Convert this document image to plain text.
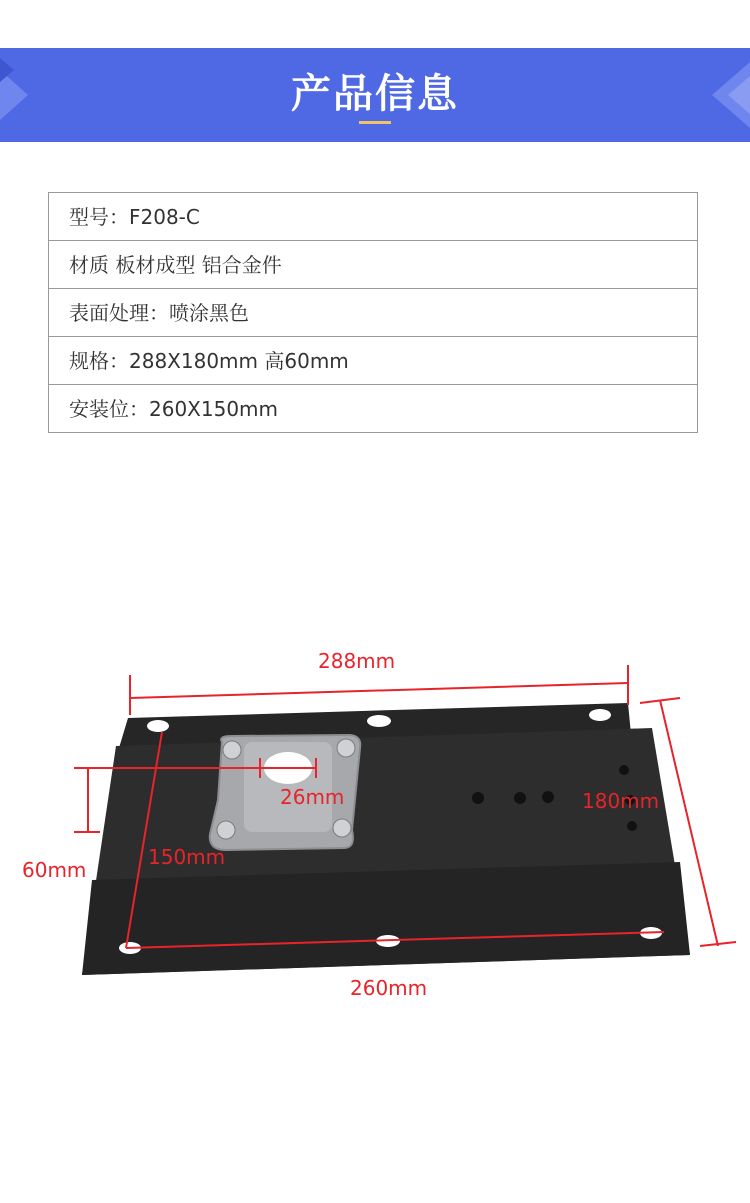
产品信息
型号：F208-C
材质 板材成型 铝合金件
表面处理：喷涂黑色
规格：288X180mm 高60mm
安装位：260X150mm
288mm
180mm
60mm
26mm
150mm
260mm
